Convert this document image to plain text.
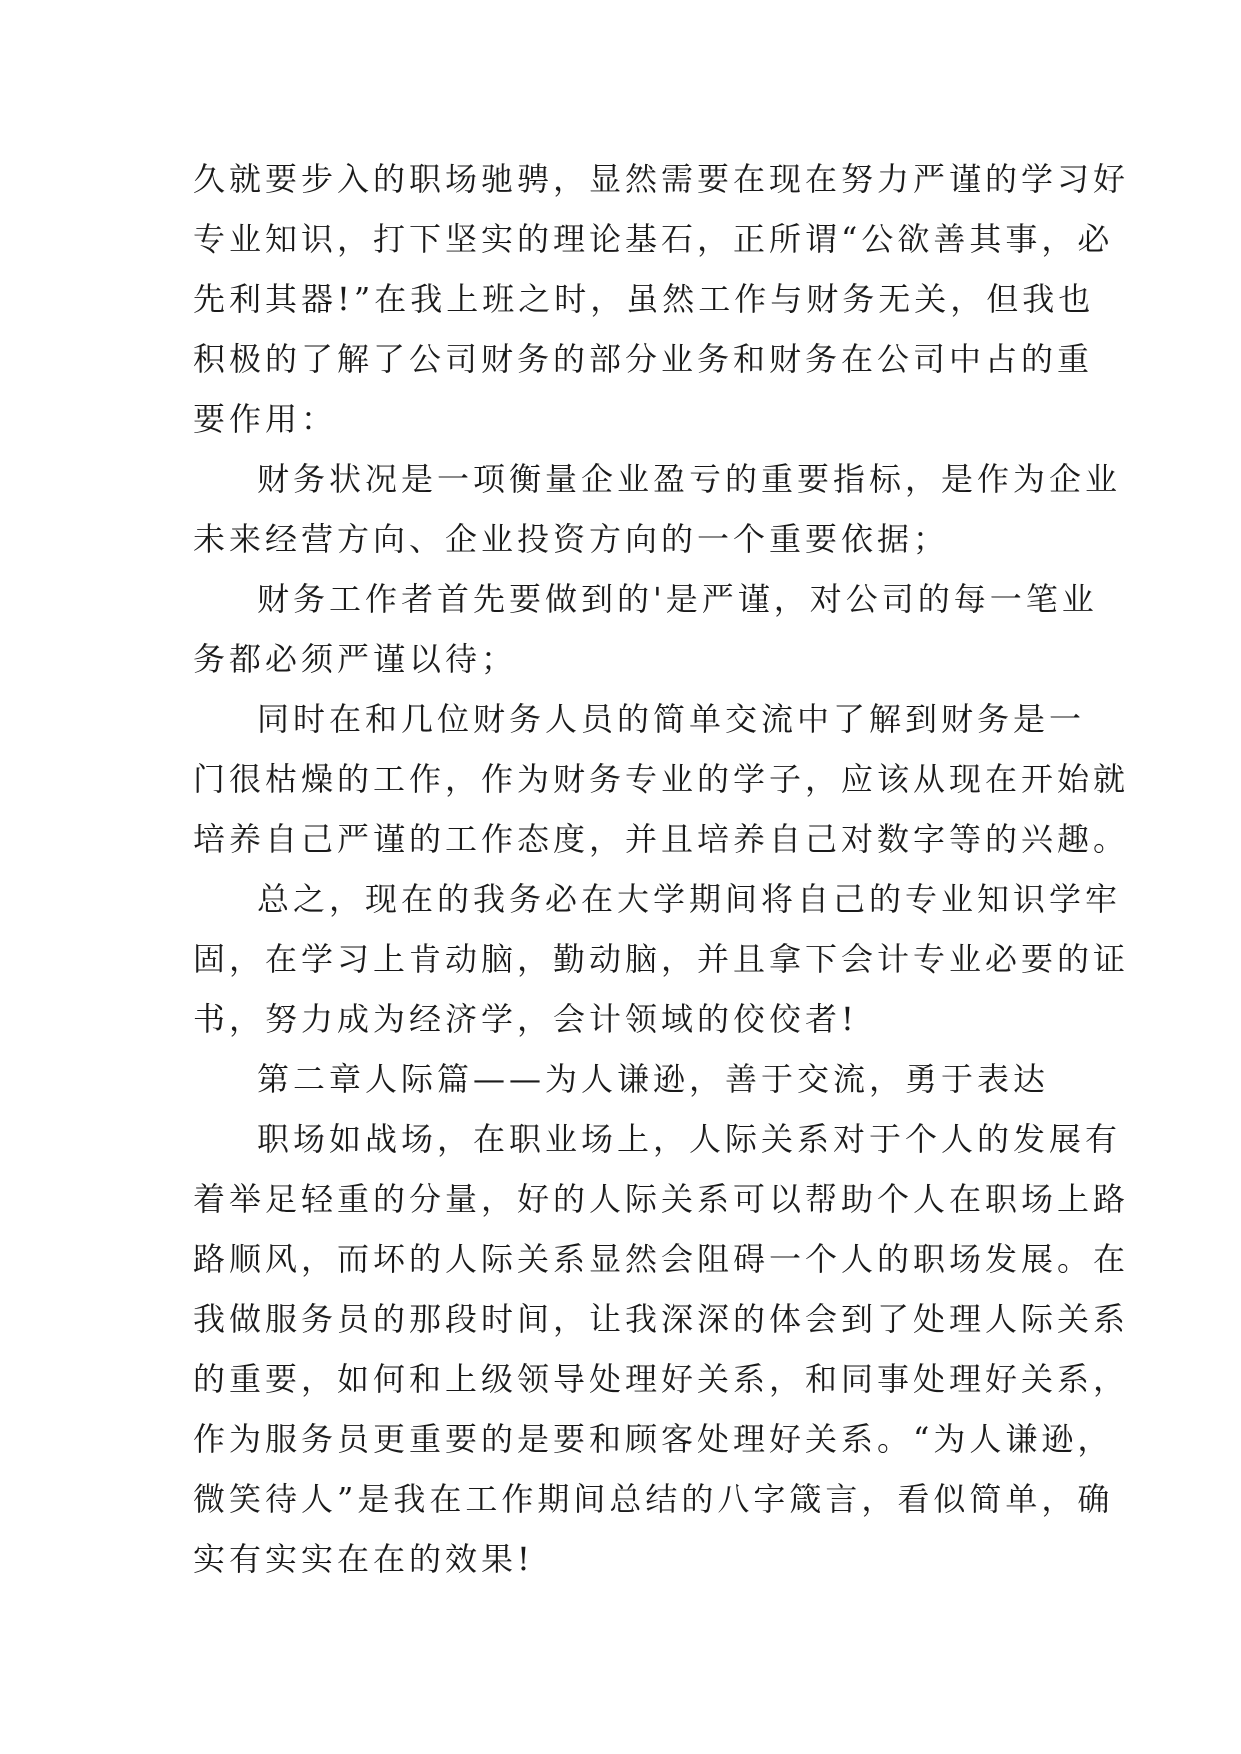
久就要步入的职场驰骋，显然需要在现在努力严谨的学习好
专业知识，打下坚实的理论基石，正所谓“公欲善其事，必
先利其器!”在我上班之时，虽然工作与财务无关，但我也
积极的了解了公司财务的部分业务和财务在公司中占的重
要作用：
财务状况是一项衡量企业盈亏的重要指标，是作为企业
未来经营方向、企业投资方向的一个重要依据；
财务工作者首先要做到的'是严谨，对公司的每一笔业
务都必须严谨以待；
同时在和几位财务人员的简单交流中了解到财务是一
门很枯燥的工作，作为财务专业的学子，应该从现在开始就
培养自己严谨的工作态度，并且培养自己对数字等的兴趣。
总之，现在的我务必在大学期间将自己的专业知识学牢
固，在学习上肯动脑，勤动脑，并且拿下会计专业必要的证
书，努力成为经济学，会计领域的佼佼者!
第二章人际篇——为人谦逊，善于交流，勇于表达
职场如战场，在职业场上，人际关系对于个人的发展有
着举足轻重的分量，好的人际关系可以帮助个人在职场上路
路顺风，而坏的人际关系显然会阻碍一个人的职场发展。在
我做服务员的那段时间，让我深深的体会到了处理人际关系
的重要，如何和上级领导处理好关系，和同事处理好关系，
作为服务员更重要的是要和顾客处理好关系。“为人谦逊，
微笑待人”是我在工作期间总结的八字箴言，看似简单，确
实有实实在在的效果!
